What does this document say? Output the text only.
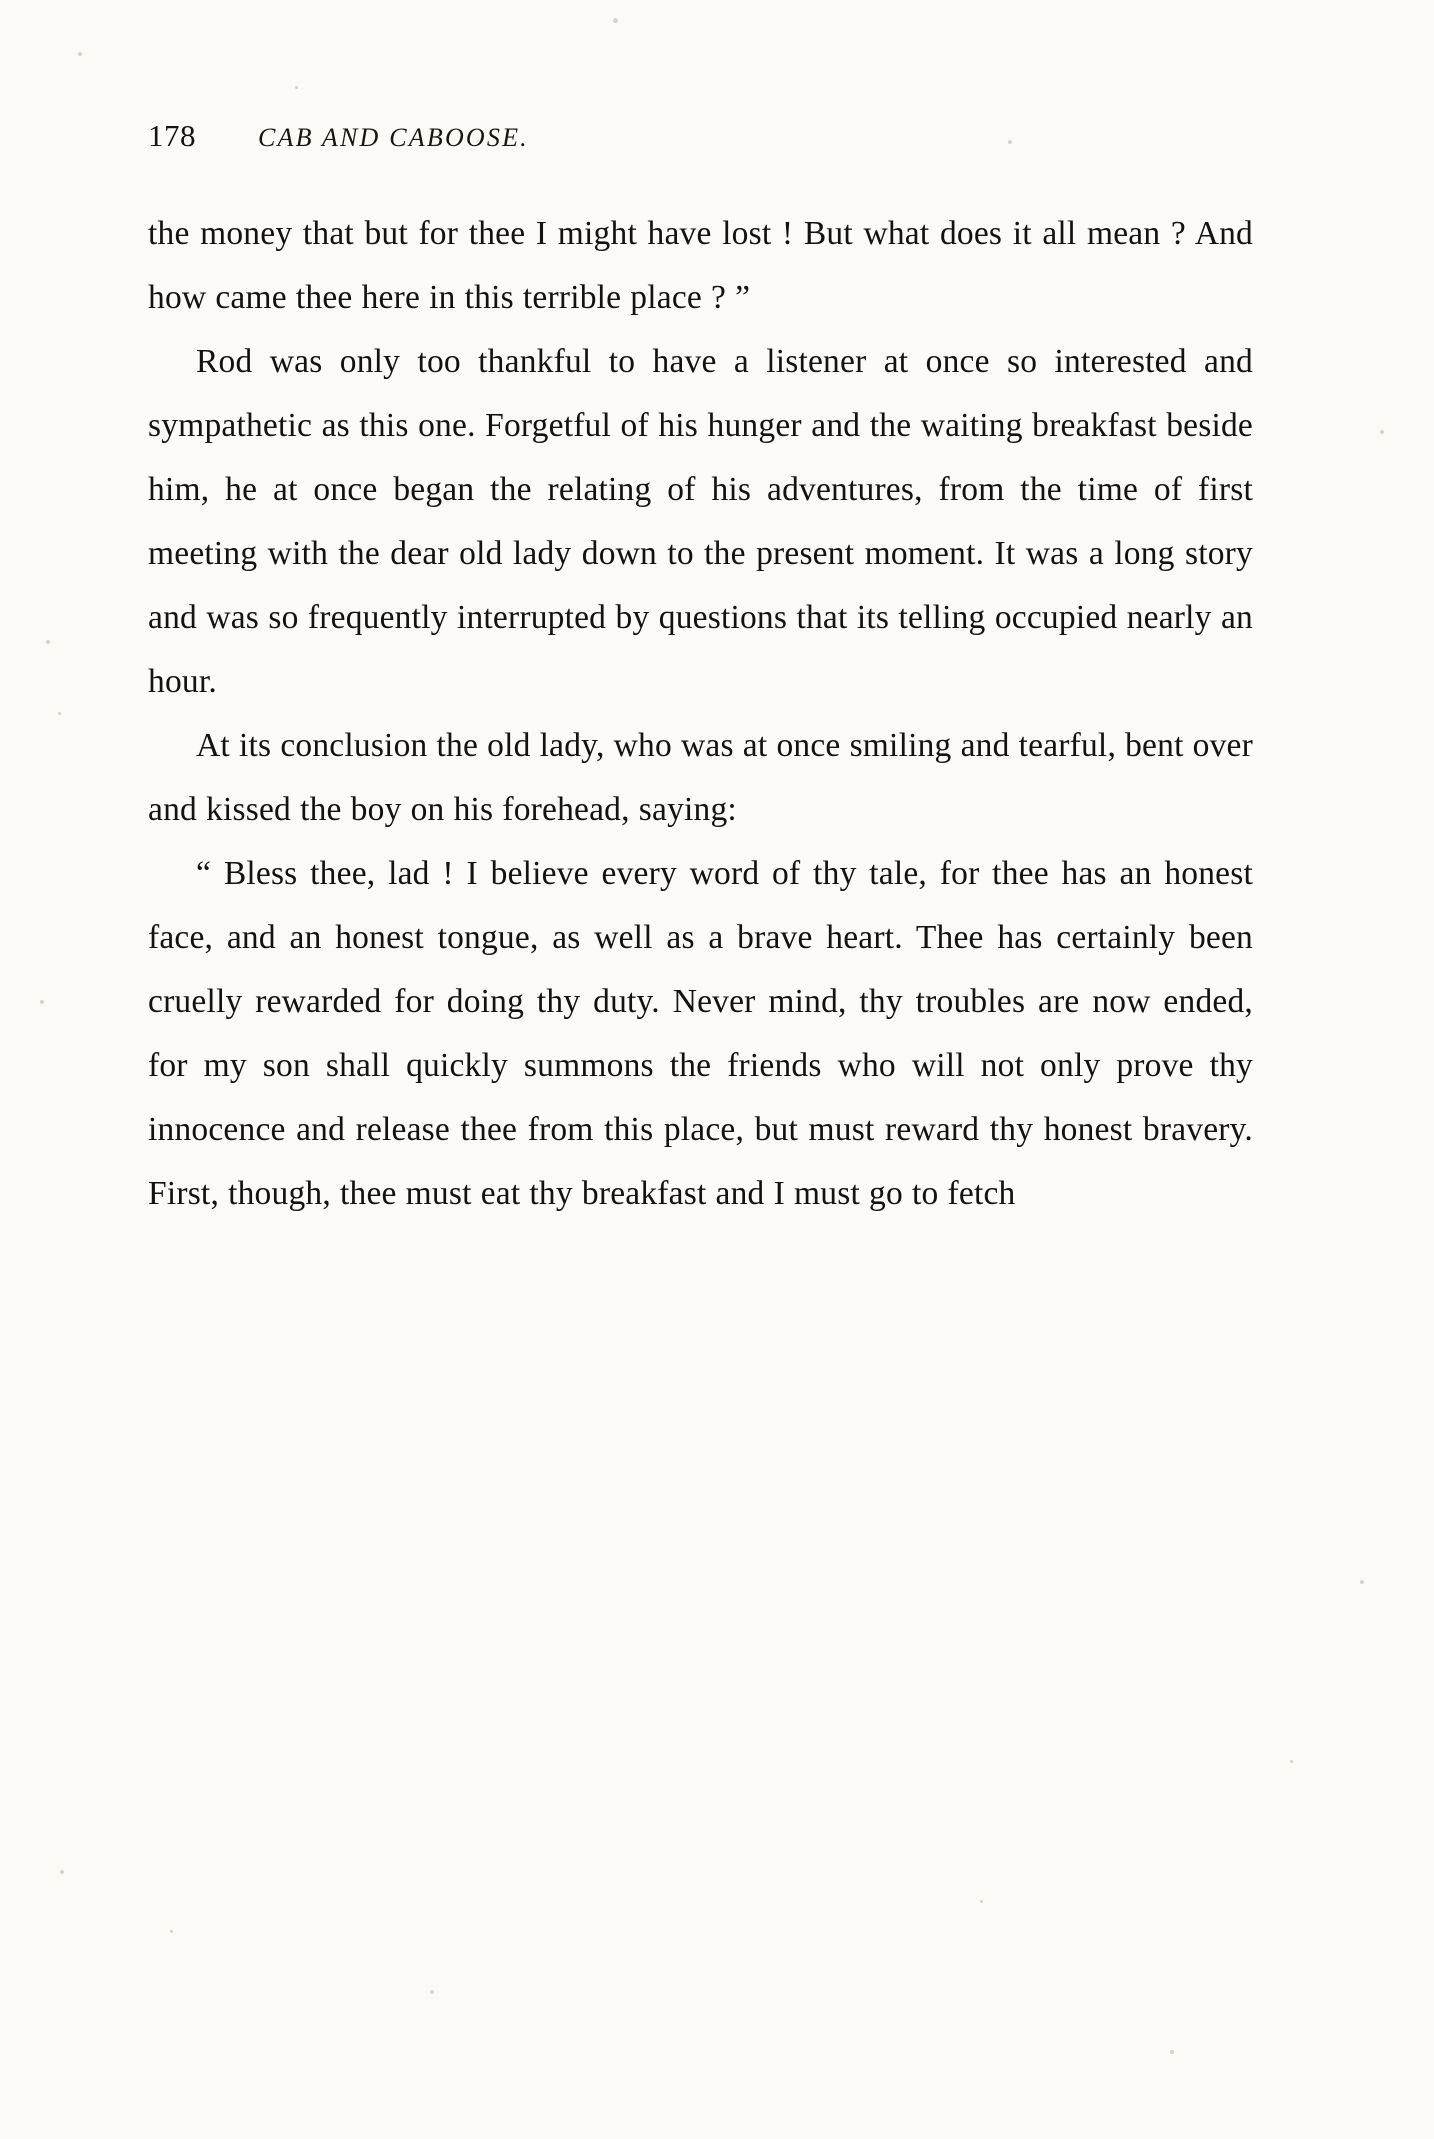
178	CAB AND CABOOSE.

the money that but for thee I might have lost ! But what does it all mean ? And how came thee here in this terrible place ? ”

Rod was only too thankful to have a listener at once so interested and sympathetic as this one. Forgetful of his hunger and the waiting breakfast beside him, he at once began the relating of his adventures, from the time of first meeting with the dear old lady down to the present moment. It was a long story and was so frequently interrupted by questions that its telling occupied nearly an hour.

At its conclusion the old lady, who was at once smiling and tearful, bent over and kissed the boy on his forehead, saying:

“ Bless thee, lad ! I believe every word of thy tale, for thee has an honest face, and an honest tongue, as well as a brave heart. Thee has certainly been cruelly rewarded for doing thy duty. Never mind, thy troubles are now ended, for my son shall quickly summons the friends who will not only prove thy innocence and release thee from this place, but must reward thy honest bravery. First, though, thee must eat thy breakfast and I must go to fetch
